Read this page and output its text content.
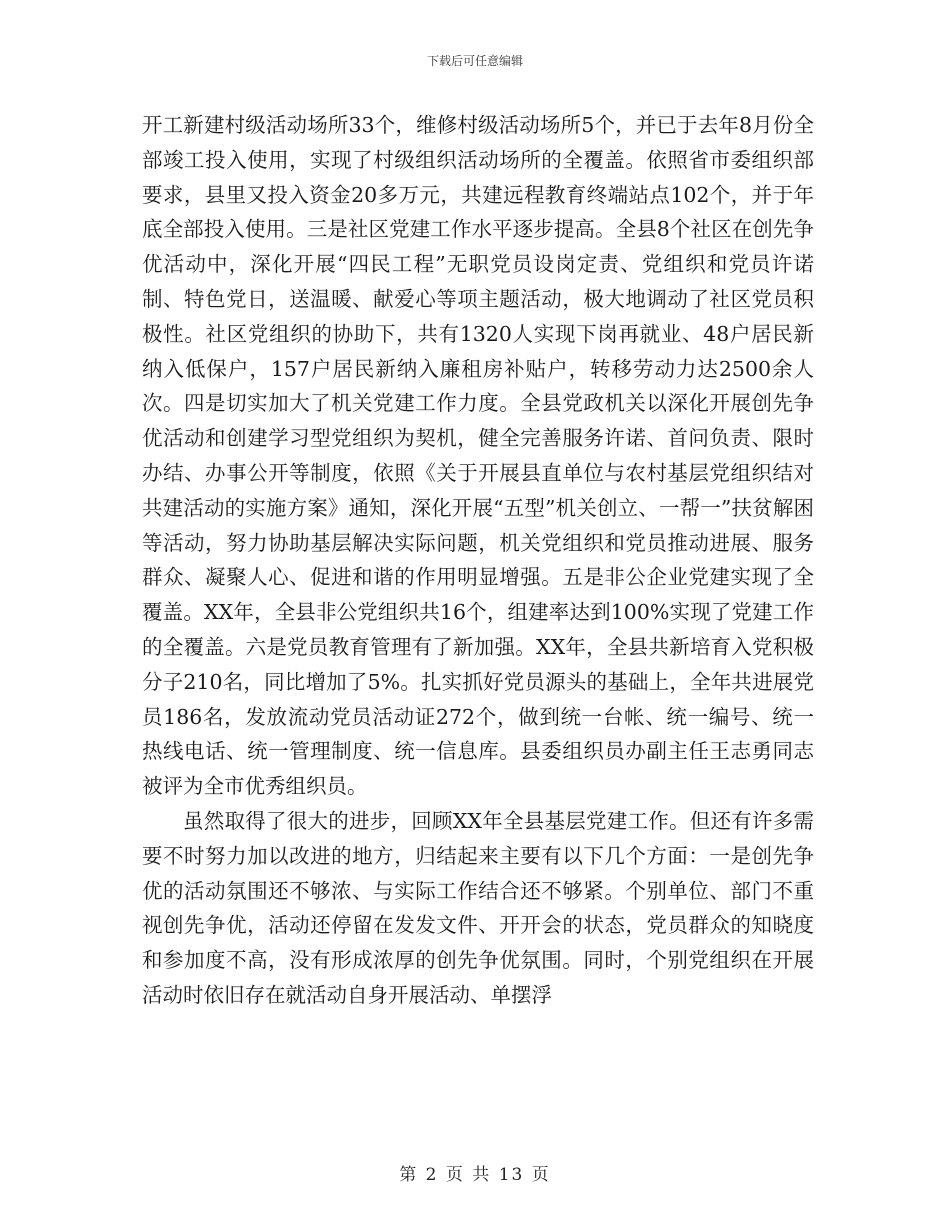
下载后可任意编辑

开工新建村级活动场所33个，维修村级活动场所5个，并已于去年8月份全部竣工投入使用，实现了村级组织活动场所的全覆盖。依照省市委组织部要求，县里又投入资金20多万元，共建远程教育终端站点102个，并于年底全部投入使用。三是社区党建工作水平逐步提高。全县8个社区在创先争优活动中，深化开展“四民工程”无职党员设岗定责、党组织和党员许诺制、特色党日，送温暖、献爱心等项主题活动，极大地调动了社区党员积极性。社区党组织的协助下，共有1320人实现下岗再就业、48户居民新纳入低保户，157户居民新纳入廉租房补贴户，转移劳动力达2500余人次。四是切实加大了机关党建工作力度。全县党政机关以深化开展创先争优活动和创建学习型党组织为契机，健全完善服务许诺、首问负责、限时办结、办事公开等制度，依照《关于开展县直单位与农村基层党组织结对共建活动的实施方案》通知，深化开展“五型”机关创立、一帮一”扶贫解困等活动，努力协助基层解决实际问题，机关党组织和党员推动进展、服务群众、凝聚人心、促进和谐的作用明显增强。五是非公企业党建实现了全覆盖。XX年，全县非公党组织共16个，组建率达到100%实现了党建工作的全覆盖。六是党员教育管理有了新加强。XX年，全县共新培育入党积极分子210名，同比增加了5%。扎实抓好党员源头的基础上，全年共进展党员186名，发放流动党员活动证272个，做到统一台帐、统一编号、统一热线电话、统一管理制度、统一信息库。县委组织员办副主任王志勇同志被评为全市优秀组织员。

虽然取得了很大的进步，回顾XX年全县基层党建工作。但还有许多需要不时努力加以改进的地方，归结起来主要有以下几个方面：一是创先争优的活动氛围还不够浓、与实际工作结合还不够紧。个别单位、部门不重视创先争优，活动还停留在发发文件、开开会的状态，党员群众的知晓度和参加度不高，没有形成浓厚的创先争优氛围。同时，个别党组织在开展活动时依旧存在就活动自身开展活动、单摆浮

第 2 页 共 13 页
